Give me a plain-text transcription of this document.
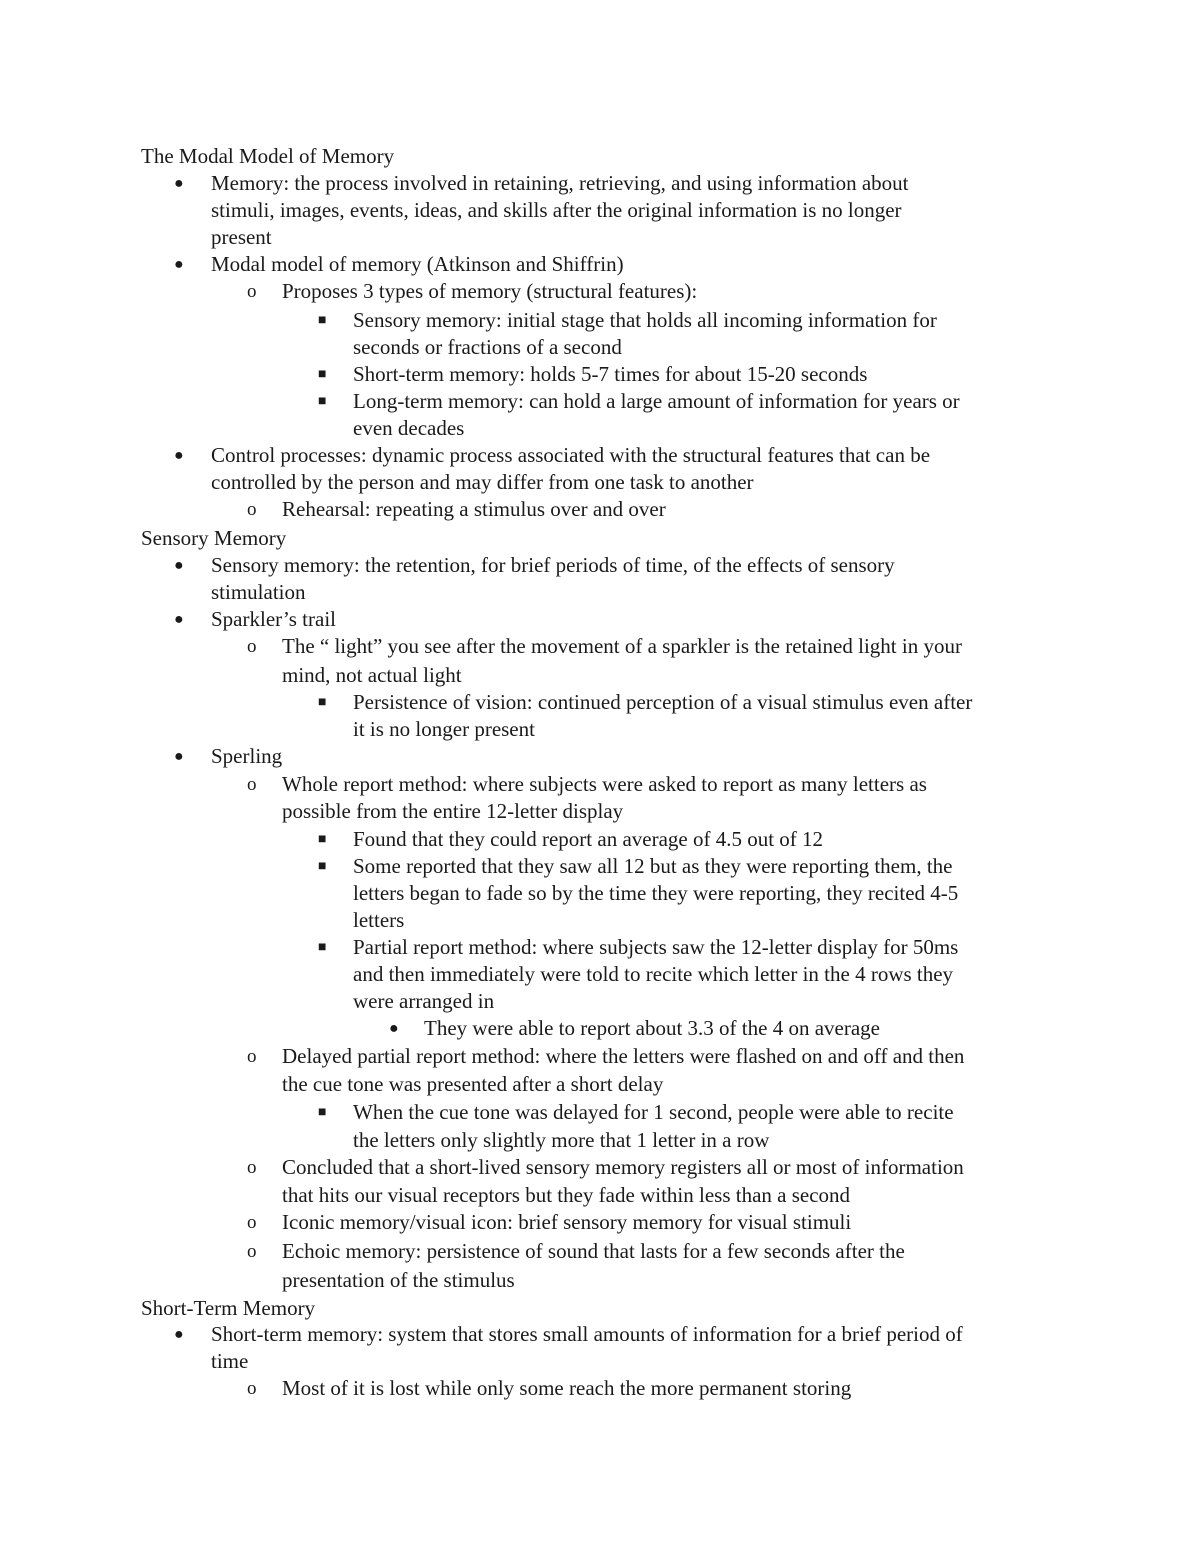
The Modal Model of Memory
● Memory: the process involved in retaining, retrieving, and using information about
stimuli, images, events, ideas, and skills after the original information is no longer
present
● Modal model of memory (Atkinson and Shiffrin)
o Proposes 3 types of memory (structural features):
■ Sensory memory: initial stage that holds all incoming information for
seconds or fractions of a second
■ Short-term memory: holds 5-7 times for about 15-20 seconds
■ Long-term memory: can hold a large amount of information for years or
even decades
● Control processes: dynamic process associated with the structural features that can be
controlled by the person and may differ from one task to another
o Rehearsal: repeating a stimulus over and over
Sensory Memory
● Sensory memory: the retention, for brief periods of time, of the effects of sensory
stimulation
● Sparkler’s trail
o The “ light” you see after the movement of a sparkler is the retained light in your
mind, not actual light
■ Persistence of vision: continued perception of a visual stimulus even after
it is no longer present
● Sperling
o Whole report method: where subjects were asked to report as many letters as
possible from the entire 12-letter display
■ Found that they could report an average of 4.5 out of 12
■ Some reported that they saw all 12 but as they were reporting them, the
letters began to fade so by the time they were reporting, they recited 4-5
letters
■ Partial report method: where subjects saw the 12-letter display for 50ms
and then immediately were told to recite which letter in the 4 rows they
were arranged in
● They were able to report about 3.3 of the 4 on average
o Delayed partial report method: where the letters were flashed on and off and then
the cue tone was presented after a short delay
■ When the cue tone was delayed for 1 second, people were able to recite
the letters only slightly more that 1 letter in a row
o Concluded that a short-lived sensory memory registers all or most of information
that hits our visual receptors but they fade within less than a second
o Iconic memory/visual icon: brief sensory memory for visual stimuli
o Echoic memory: persistence of sound that lasts for a few seconds after the
presentation of the stimulus
Short-Term Memory
● Short-term memory: system that stores small amounts of information for a brief period of
time
o Most of it is lost while only some reach the more permanent storing
